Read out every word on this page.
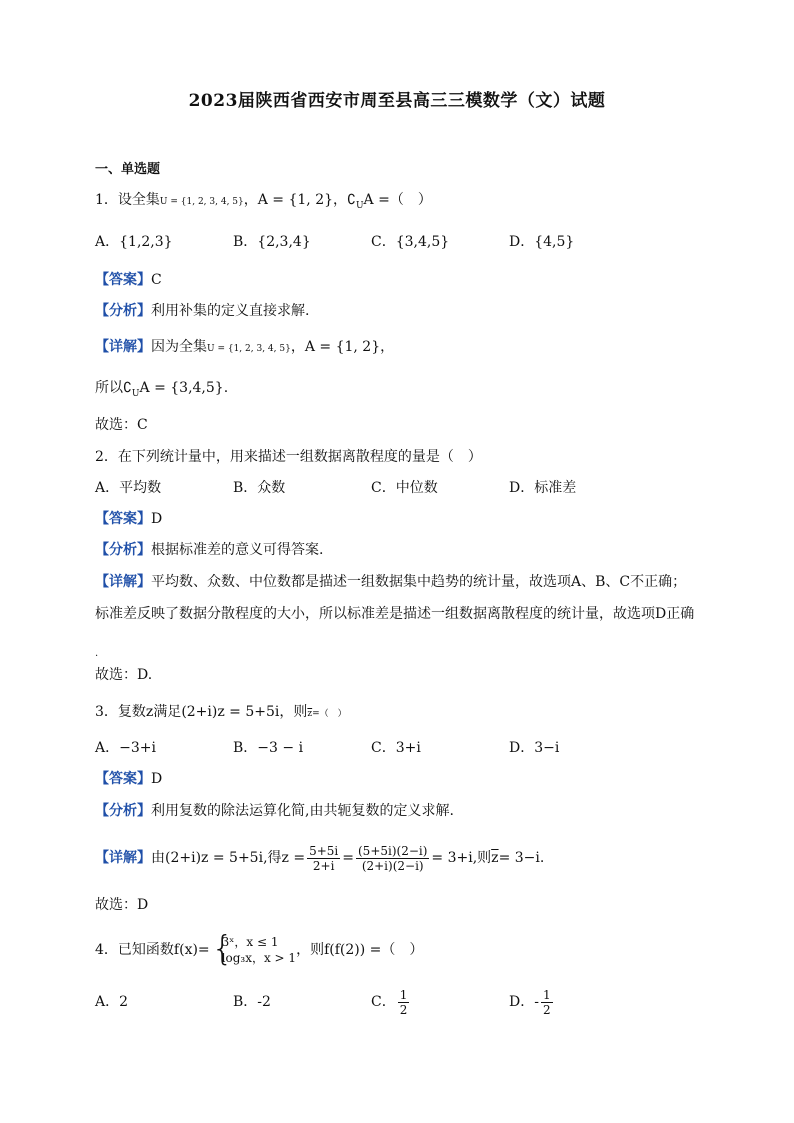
2023届陕西省西安市周至县高三三模数学（文）试题
一、单选题
1．设全集U = {1, 2, 3, 4, 5}，A = {1, 2}，$∁_UA$ =（　）
A．{1,2,3}	B．{2,3,4}	C．{3,4,5}	D．{4,5}
【答案】C
【分析】利用补集的定义直接求解.
【详解】因为全集U = {1, 2, 3, 4, 5}，A = {1, 2}，
所以$∁_UA = \{3,4,5\}$.
故选：C
2．在下列统计量中，用来描述一组数据离散程度的量是（　）
A．平均数	B．众数	C．中位数	D．标准差
【答案】D
【分析】根据标准差的意义可得答案.
【详解】平均数、众数、中位数都是描述一组数据集中趋势的统计量，故选项A、B、C不正确；
标准差反映了数据分散程度的大小，所以标准差是描述一组数据离散程度的统计量，故选项D正确
.
故选：D.
3．复数z满足(2+i)z = 5+5i，则$\overline{z}=$（　）
A．−3+i	B．−3 − i	C．3+i	D．3−i
【答案】D
【分析】利用复数的除法运算化简,由共轭复数的定义求解.
【详解】由(2+i)z = 5+5i,得$z = \frac{5+5i}{2+i} = \frac{(5+5i)(2-i)}{(2+i)(2-i)} = 3+i$,则$\overline{z}= 3-i$.
故选：D
4．已知函数f(x)= {
3ˣ，x ≤ 1
log₃x，x > 1 ，则f(f(2)) =（　）
A．2	B．-2	C． $\frac{1}{2}$	D．- $\frac{1}{2}$
